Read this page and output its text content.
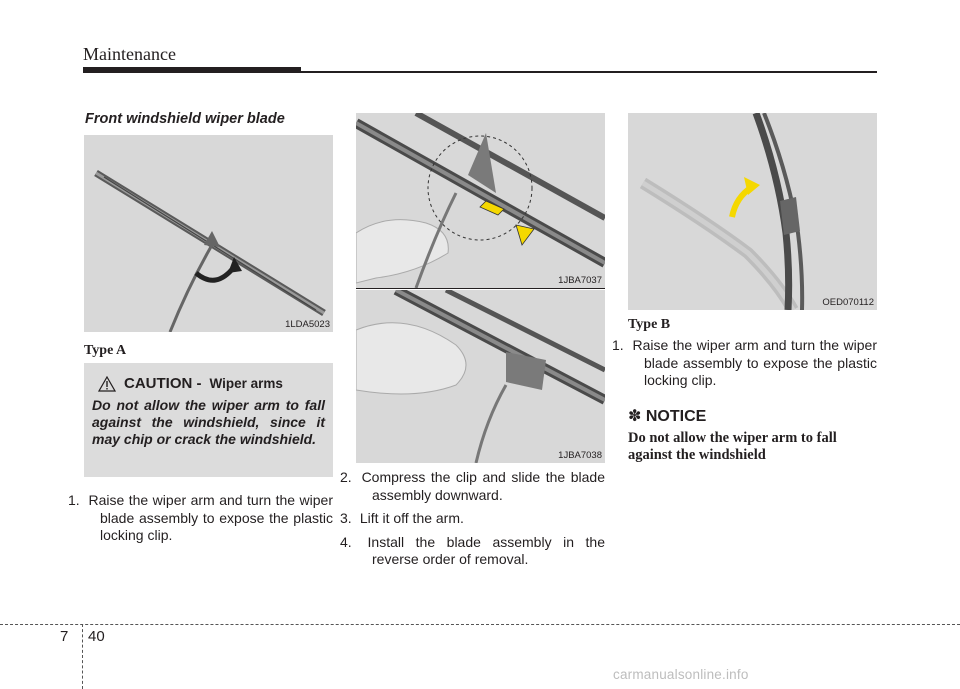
Maintenance
Front windshield wiper blade
1LDA5023
Type A
CAUTION - Wiper arms
Do not allow the wiper arm to fall against the windshield, since it may chip or crack the windshield.
1. Raise the wiper arm and turn the wiper blade assembly to expose the plastic locking clip.
1JBA7037
1JBA7038
2. Compress the clip and slide the blade assembly downward.
3. Lift it off the arm.
4. Install the blade assembly in the reverse order of removal.
OED070112
Type B
1. Raise the wiper arm and turn the wiper blade assembly to expose the plastic locking clip.
✽ NOTICE
Do not allow the wiper arm to fall against the windshield
7 40
carmanualsonline.info
